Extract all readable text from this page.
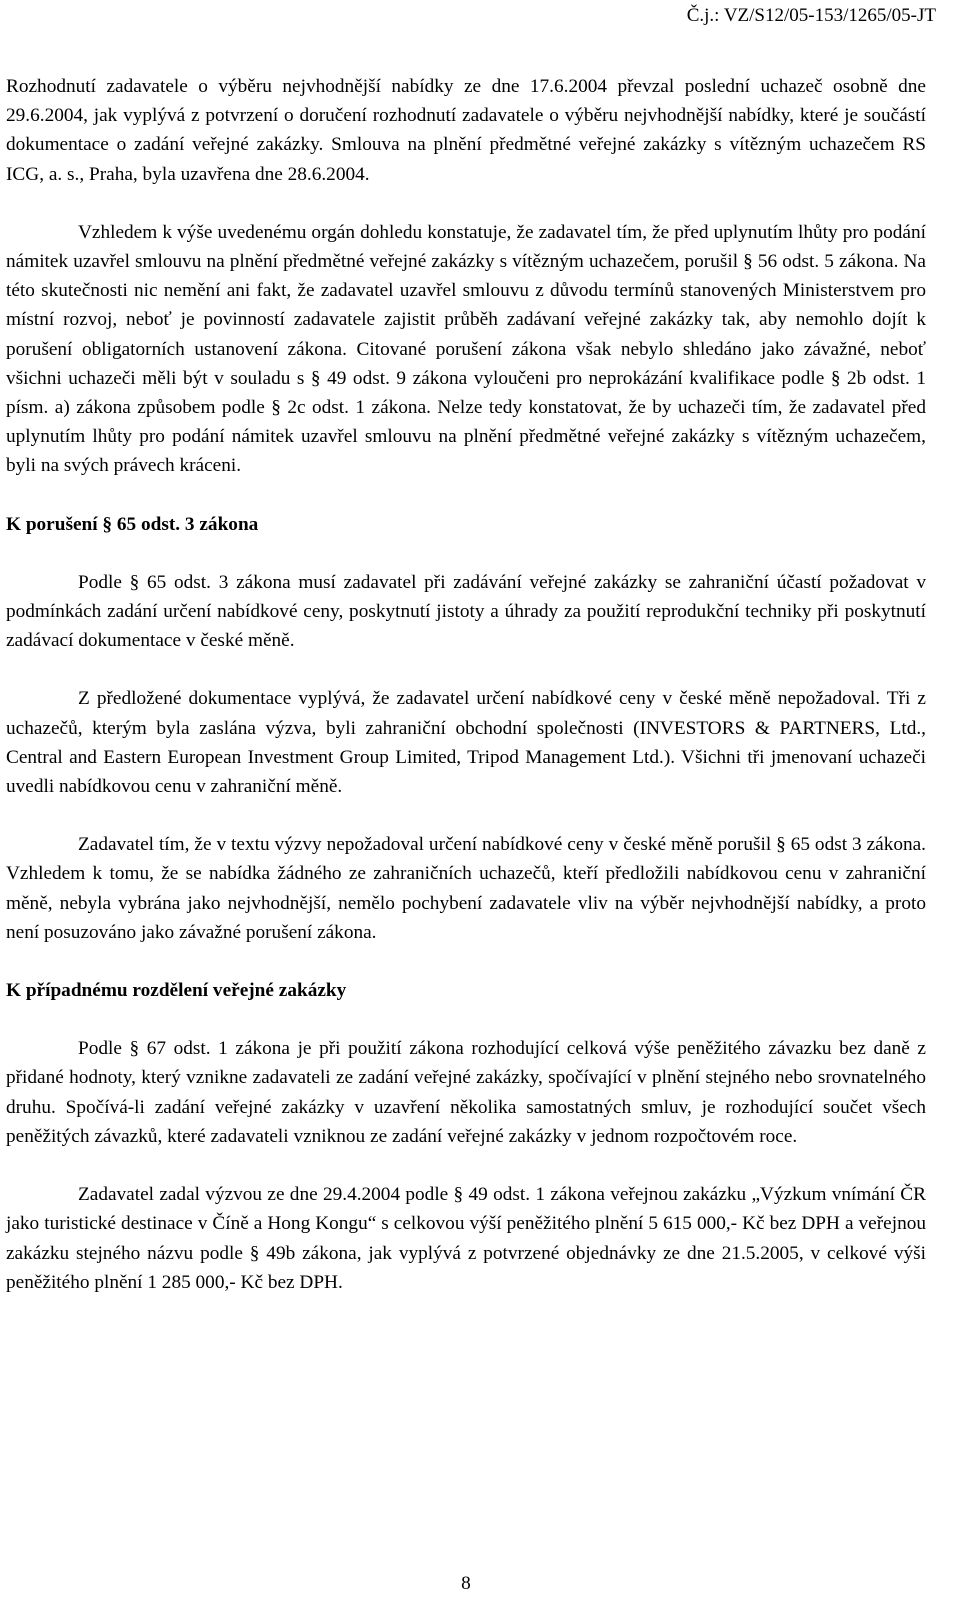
Č.j.: VZ/S12/05-153/1265/05-JT

Rozhodnutí zadavatele o výběru nejvhodnější nabídky ze dne 17.6.2004 převzal poslední uchazeč osobně dne 29.6.2004, jak vyplývá z potvrzení o doručení rozhodnutí zadavatele o výběru nejvhodnější nabídky, které je součástí dokumentace o zadání veřejné zakázky. Smlouva na plnění předmětné veřejné zakázky s vítězným uchazečem RS ICG, a. s., Praha, byla uzavřena dne 28.6.2004.

Vzhledem k výše uvedenému orgán dohledu konstatuje, že zadavatel tím, že před uplynutím lhůty pro podání námitek uzavřel smlouvu na plnění předmětné veřejné zakázky s vítězným uchazečem, porušil § 56 odst. 5 zákona. Na této skutečnosti nic nemění ani fakt, že zadavatel uzavřel smlouvu z důvodu termínů stanovených Ministerstvem pro místní rozvoj, neboť je povinností zadavatele zajistit průběh zadávaní veřejné zakázky tak, aby nemohlo dojít k porušení obligatorních ustanovení zákona. Citované porušení zákona však nebylo shledáno jako závažné, neboť všichni uchazeči měli být v souladu s § 49 odst. 9 zákona vyloučeni pro neprokázání kvalifikace podle § 2b odst. 1 písm. a) zákona způsobem podle § 2c odst. 1 zákona. Nelze tedy konstatovat, že by uchazeči tím, že zadavatel před uplynutím lhůty pro podání námitek uzavřel smlouvu na plnění předmětné veřejné zakázky s vítězným uchazečem, byli na svých právech kráceni.

K porušení § 65 odst. 3 zákona

Podle § 65 odst. 3 zákona musí zadavatel při zadávání veřejné zakázky se zahraniční účastí požadovat v podmínkách zadání určení nabídkové ceny, poskytnutí jistoty a úhrady za použití reprodukční techniky při poskytnutí zadávací dokumentace v české měně.

Z předložené dokumentace vyplývá, že zadavatel určení nabídkové ceny v české měně nepožadoval. Tři z uchazečů, kterým byla zaslána výzva, byli zahraniční obchodní společnosti (INVESTORS & PARTNERS, Ltd., Central and Eastern European Investment Group Limited, Tripod Management Ltd.). Všichni tři jmenovaní uchazeči uvedli nabídkovou cenu v zahraniční měně.

Zadavatel tím, že v textu výzvy nepožadoval určení nabídkové ceny v české měně porušil § 65 odst 3 zákona. Vzhledem k tomu, že se nabídka žádného ze zahraničních uchazečů, kteří předložili nabídkovou cenu v zahraniční měně, nebyla vybrána jako nejvhodnější, nemělo pochybení zadavatele vliv na výběr nejvhodnější nabídky, a proto není posuzováno jako závažné porušení zákona.

K případnému rozdělení veřejné zakázky

Podle § 67 odst. 1 zákona je při použití zákona rozhodující celková výše peněžitého závazku bez daně z přidané hodnoty, který vznikne zadavateli ze zadání veřejné zakázky, spočívající v plnění stejného nebo srovnatelného druhu. Spočívá-li zadání veřejné zakázky v uzavření několika samostatných smluv, je rozhodující součet všech peněžitých závazků, které zadavateli vzniknou ze zadání veřejné zakázky v jednom rozpočtovém roce.

Zadavatel zadal výzvou ze dne 29.4.2004 podle § 49 odst. 1 zákona veřejnou zakázku „Výzkum vnímání ČR jako turistické destinace v Číně a Hong Kongu“ s celkovou výší peněžitého plnění 5 615 000,- Kč bez DPH a veřejnou zakázku stejného názvu podle § 49b zákona, jak vyplývá z potvrzené objednávky ze dne 21.5.2005, v celkové výši peněžitého plnění 1 285 000,- Kč bez DPH.

8
